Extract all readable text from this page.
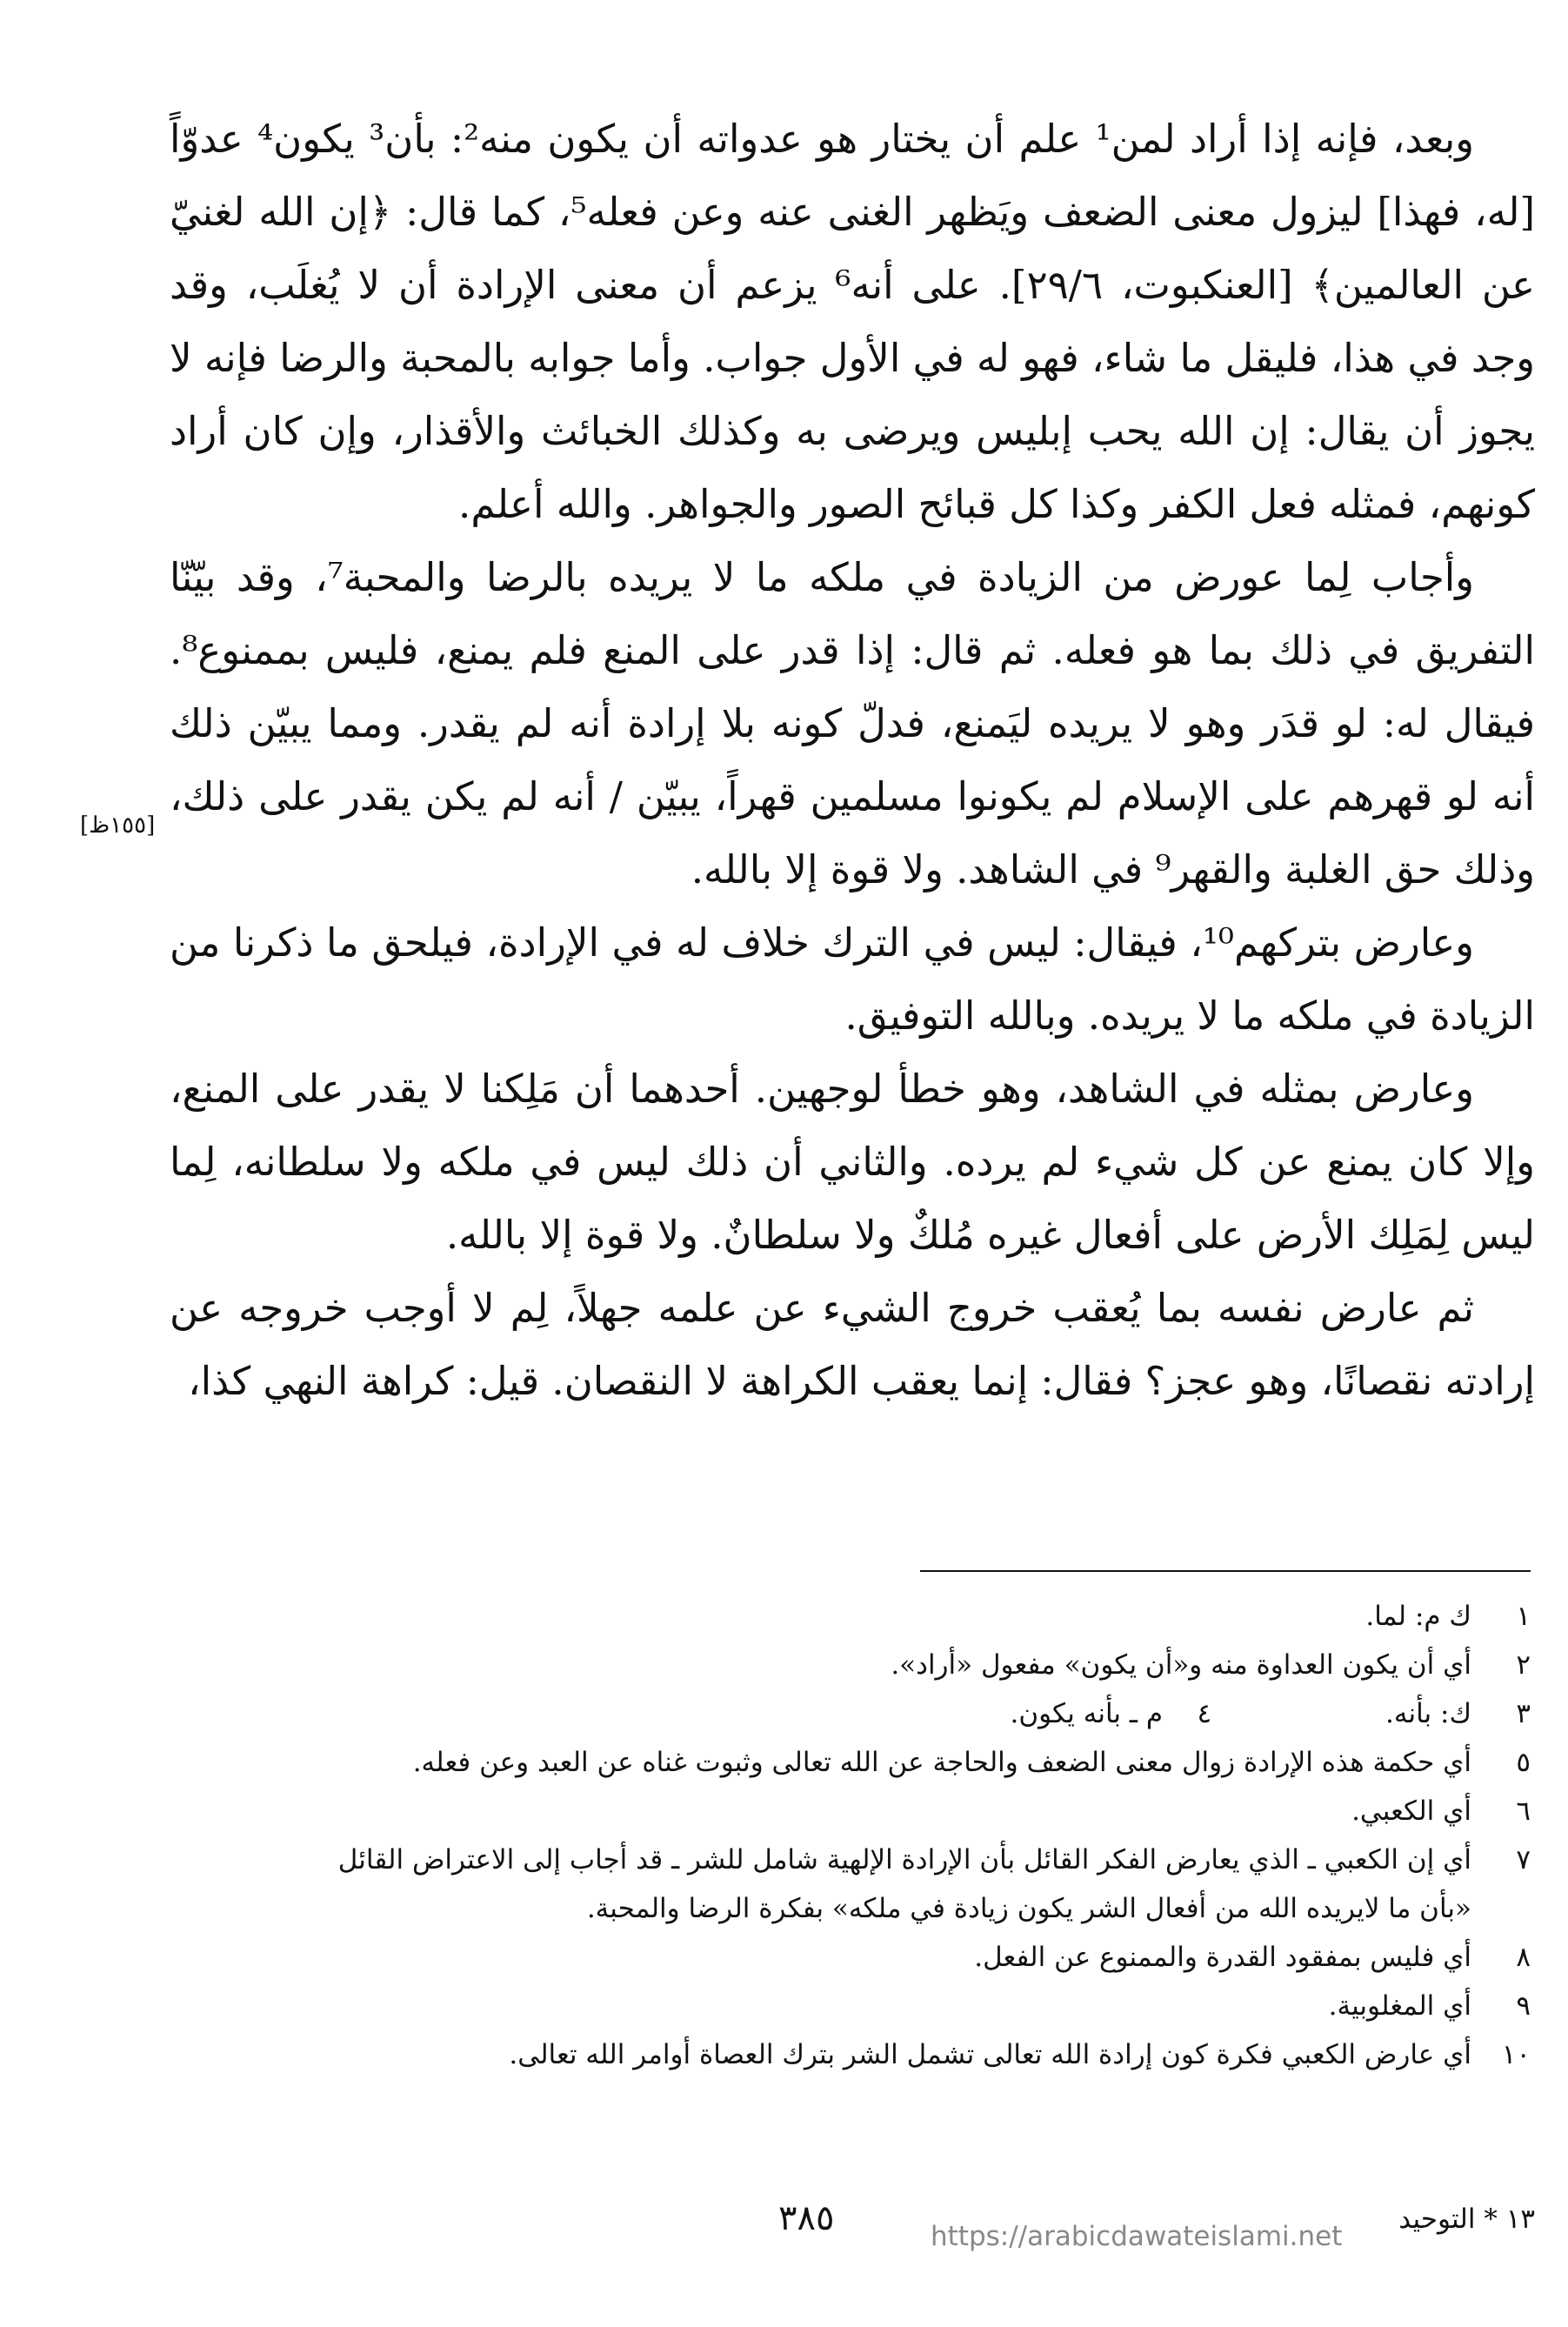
وبعد، فإنه إذا أراد لمن¹ علم أن يختار هو عدواته أن يكون منه²: بأن³ يكون⁴ عدوّاً [له، فهذا] ليزول معنى الضعف ويَظهر الغنى عنه وعن فعله⁵، كما قال: ﴿إن الله لغنيّ عن العالمين﴾ [العنكبوت، ٢٩/٦]. على أنه⁶ يزعم أن معنى الإرادة أن لا يُغلَب، وقد وجد في هذا، فليقل ما شاء، فهو له في الأول جواب. وأما جوابه بالمحبة والرضا فإنه لا يجوز أن يقال: إن الله يحب إبليس ويرضى به وكذلك الخبائث والأقذار، وإن كان أراد كونهم، فمثله فعل الكفر وكذا كل قبائح الصور والجواهر. والله أعلم.

وأجاب لِما عورض من الزيادة في ملكه ما لا يريده بالرضا والمحبة⁷، وقد بيّنّا التفريق في ذلك بما هو فعله. ثم قال: إذا قدر على المنع فلم يمنع، فليس بممنوع⁸. فيقال له: لو قدَر وهو لا يريده ليَمنع، فدلّ كونه بلا إرادة أنه لم يقدر. ومما يبيّن ذلك أنه لو قهرهم على الإسلام لم يكونوا مسلمين قهراً، يبيّن / أنه لم يكن يقدر على ذلك، وذلك حق الغلبة والقهر⁹ في الشاهد. ولا قوة إلا بالله.

وعارض بتركهم¹⁰، فيقال: ليس في الترك خلاف له في الإرادة، فيلحق ما ذكرنا من الزيادة في ملكه ما لا يريده. وبالله التوفيق.

وعارض بمثله في الشاهد، وهو خطأ لوجهين. أحدهما أن مَلِكنا لا يقدر على المنع، وإلا كان يمنع عن كل شيء لم يرده. والثاني أن ذلك ليس في ملكه ولا سلطانه، لِما ليس لِمَلِك الأرض على أفعال غيره مُلكٌ ولا سلطانٌ. ولا قوة إلا بالله.

ثم عارض نفسه بما يُعقب خروج الشيء عن علمه جهلاً، لِم لا أوجب خروجه عن إرادته نقصانًا، وهو عجز؟ فقال: إنما يعقب الكراهة لا النقصان. قيل: كراهة النهي كذا،

[١٥٥ظ]
١
ك م: لما.
٢
أي أن يكون العداوة منه و«أن يكون» مفعول «أراد».
٣
ك: بأنه. ٤    م ـ بأنه يكون.
٥
أي حكمة هذه الإرادة زوال معنى الضعف والحاجة عن الله تعالى وثبوت غناه عن العبد وعن فعله.
٦
أي الكعبي.
٧
أي إن الكعبي ـ الذي يعارض الفكر القائل بأن الإرادة الإلهية شامل للشر ـ قد أجاب إلى الاعتراض القائل
«بأن ما لايريده الله من أفعال الشر يكون زيادة في ملكه» بفكرة الرضا والمحبة.
٨
أي فليس بمفقود القدرة والممنوع عن الفعل.
٩
أي المغلوبية.
١٠
أي عارض الكعبي فكرة كون إرادة الله تعالى تشمل الشر بترك العصاة أوامر الله تعالى.
١٣ * التوحيد
٣٨٥	https://arabicdawateislami.net
